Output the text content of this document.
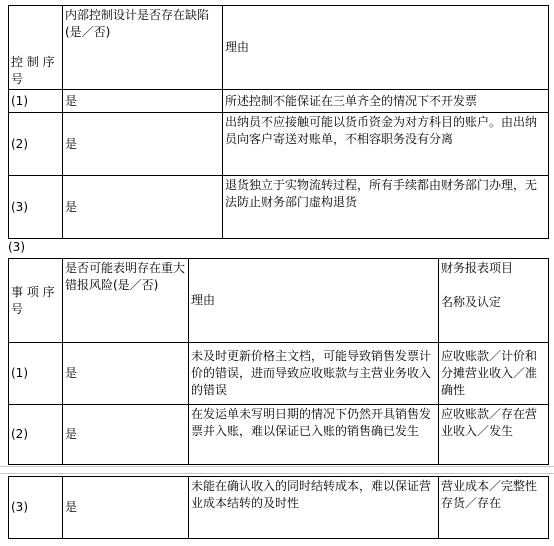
控 制 序号	内部控制设计是否存在缺陷(是／否)	理由
(1)	是	所述控制不能保证在三单齐全的情况下不开发票
(2)	是	出纳员不应接触可能以货币资金为对方科目的账户。由出纳员向客户寄送对账单，不相容职务没有分离
(3)	是	退货独立于实物流转过程，所有手续都由财务部门办理，无法防止财务部门虚构退货
(3)
事 项 序号	是否可能表明存在重大错报风险(是／否)	理由	财务报表项目

名称及认定
(1)	是	未及时更新价格主文档，可能导致销售发票计价的错误，进而导致应收账款与主营业务收入的错误	应收账款／计价和分摊营业收入／准确性
(2)	是	在发运单未写明日期的情况下仍然开具销售发票并入账，难以保证已入账的销售确已发生	应收账款／存在营业收入／发生
(3)	是	未能在确认收入的同时结转成本，难以保证营业成本结转的及时性	营业成本／完整性存货／存在
